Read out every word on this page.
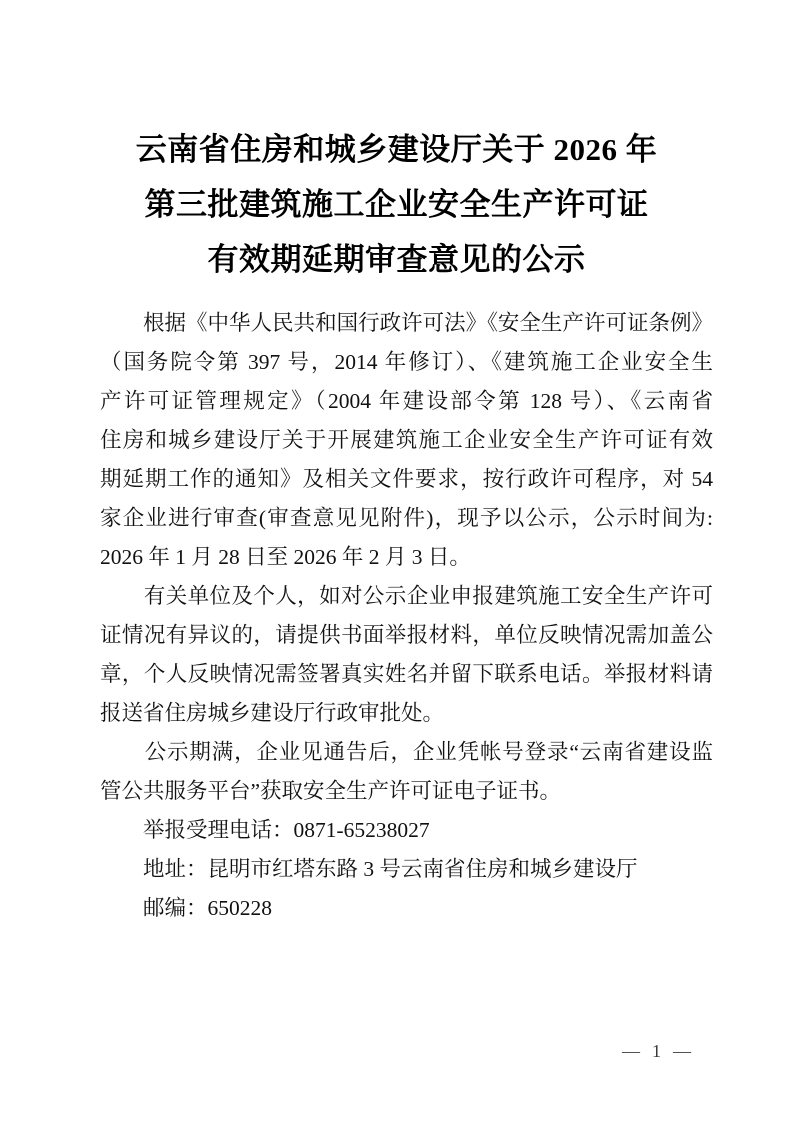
云南省住房和城乡建设厅关于 2026 年
第三批建筑施工企业安全生产许可证
有效期延期审查意见的公示
　　根据《中华人民共和国行政许可法》《安全生产许可证条例》
（国务院令第 397 号，2014 年修订）、《建筑施工企业安全生
产许可证管理规定》（2004 年建设部令第 128 号）、《云南省
住房和城乡建设厅关于开展建筑施工企业安全生产许可证有效
期延期工作的通知》及相关文件要求，按行政许可程序，对 54
家企业进行审查(审查意见见附件)，现予以公示，公示时间为:
2026 年 1 月 28 日至 2026 年 2 月 3 日。
　　有关单位及个人，如对公示企业申报建筑施工安全生产许可
证情况有异议的，请提供书面举报材料，单位反映情况需加盖公
章，个人反映情况需签署真实姓名并留下联系电话。举报材料请
报送省住房城乡建设厅行政审批处。
　　公示期满，企业见通告后，企业凭帐号登录“云南省建设监
管公共服务平台”获取安全生产许可证电子证书。
　　举报受理电话：0871-65238027
　　地址：昆明市红塔东路 3 号云南省住房和城乡建设厅
　　邮编：650228
—  1  —
